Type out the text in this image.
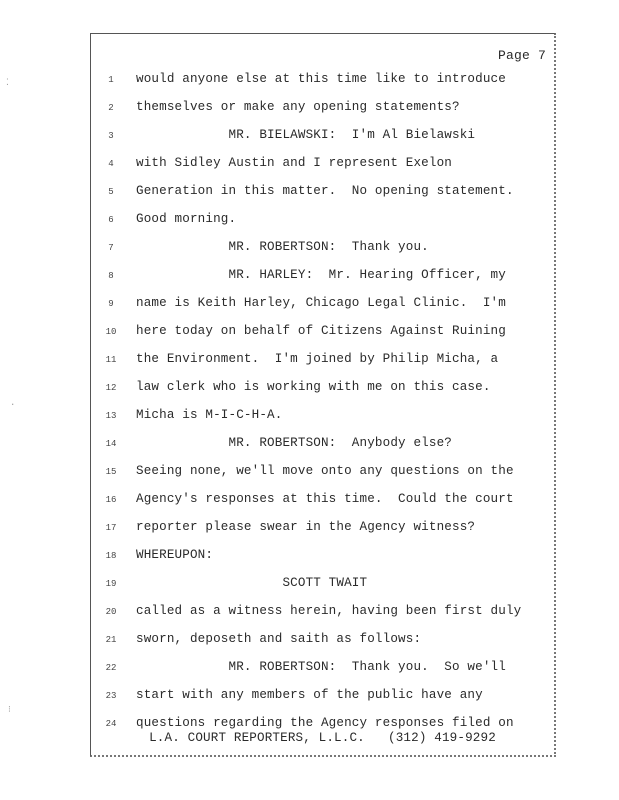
⁚
·
⁝
Page 7
1	would anyone else at this time like to introduce
2	themselves or make any opening statements?
3	MR. BIELAWSKI:  I'm Al Bielawski
4	with Sidley Austin and I represent Exelon
5	Generation in this matter.  No opening statement.
6	Good morning.
7	MR. ROBERTSON:  Thank you.
8	MR. HARLEY:  Mr. Hearing Officer, my
9	name is Keith Harley, Chicago Legal Clinic.  I'm
10	here today on behalf of Citizens Against Ruining
11	the Environment.  I'm joined by Philip Micha, a
12	law clerk who is working with me on this case.
13	Micha is M-I-C-H-A.
14	MR. ROBERTSON:  Anybody else?
15	Seeing none, we'll move onto any questions on the
16	Agency's responses at this time.  Could the court
17	reporter please swear in the Agency witness?
18	WHEREUPON:
19	SCOTT TWAIT
20	called as a witness herein, having been first duly
21	sworn, deposeth and saith as follows:
22	MR. ROBERTSON:  Thank you.  So we'll
23	start with any members of the public have any
24	questions regarding the Agency responses filed on
L.A. COURT REPORTERS, L.L.C.   (312) 419-9292
